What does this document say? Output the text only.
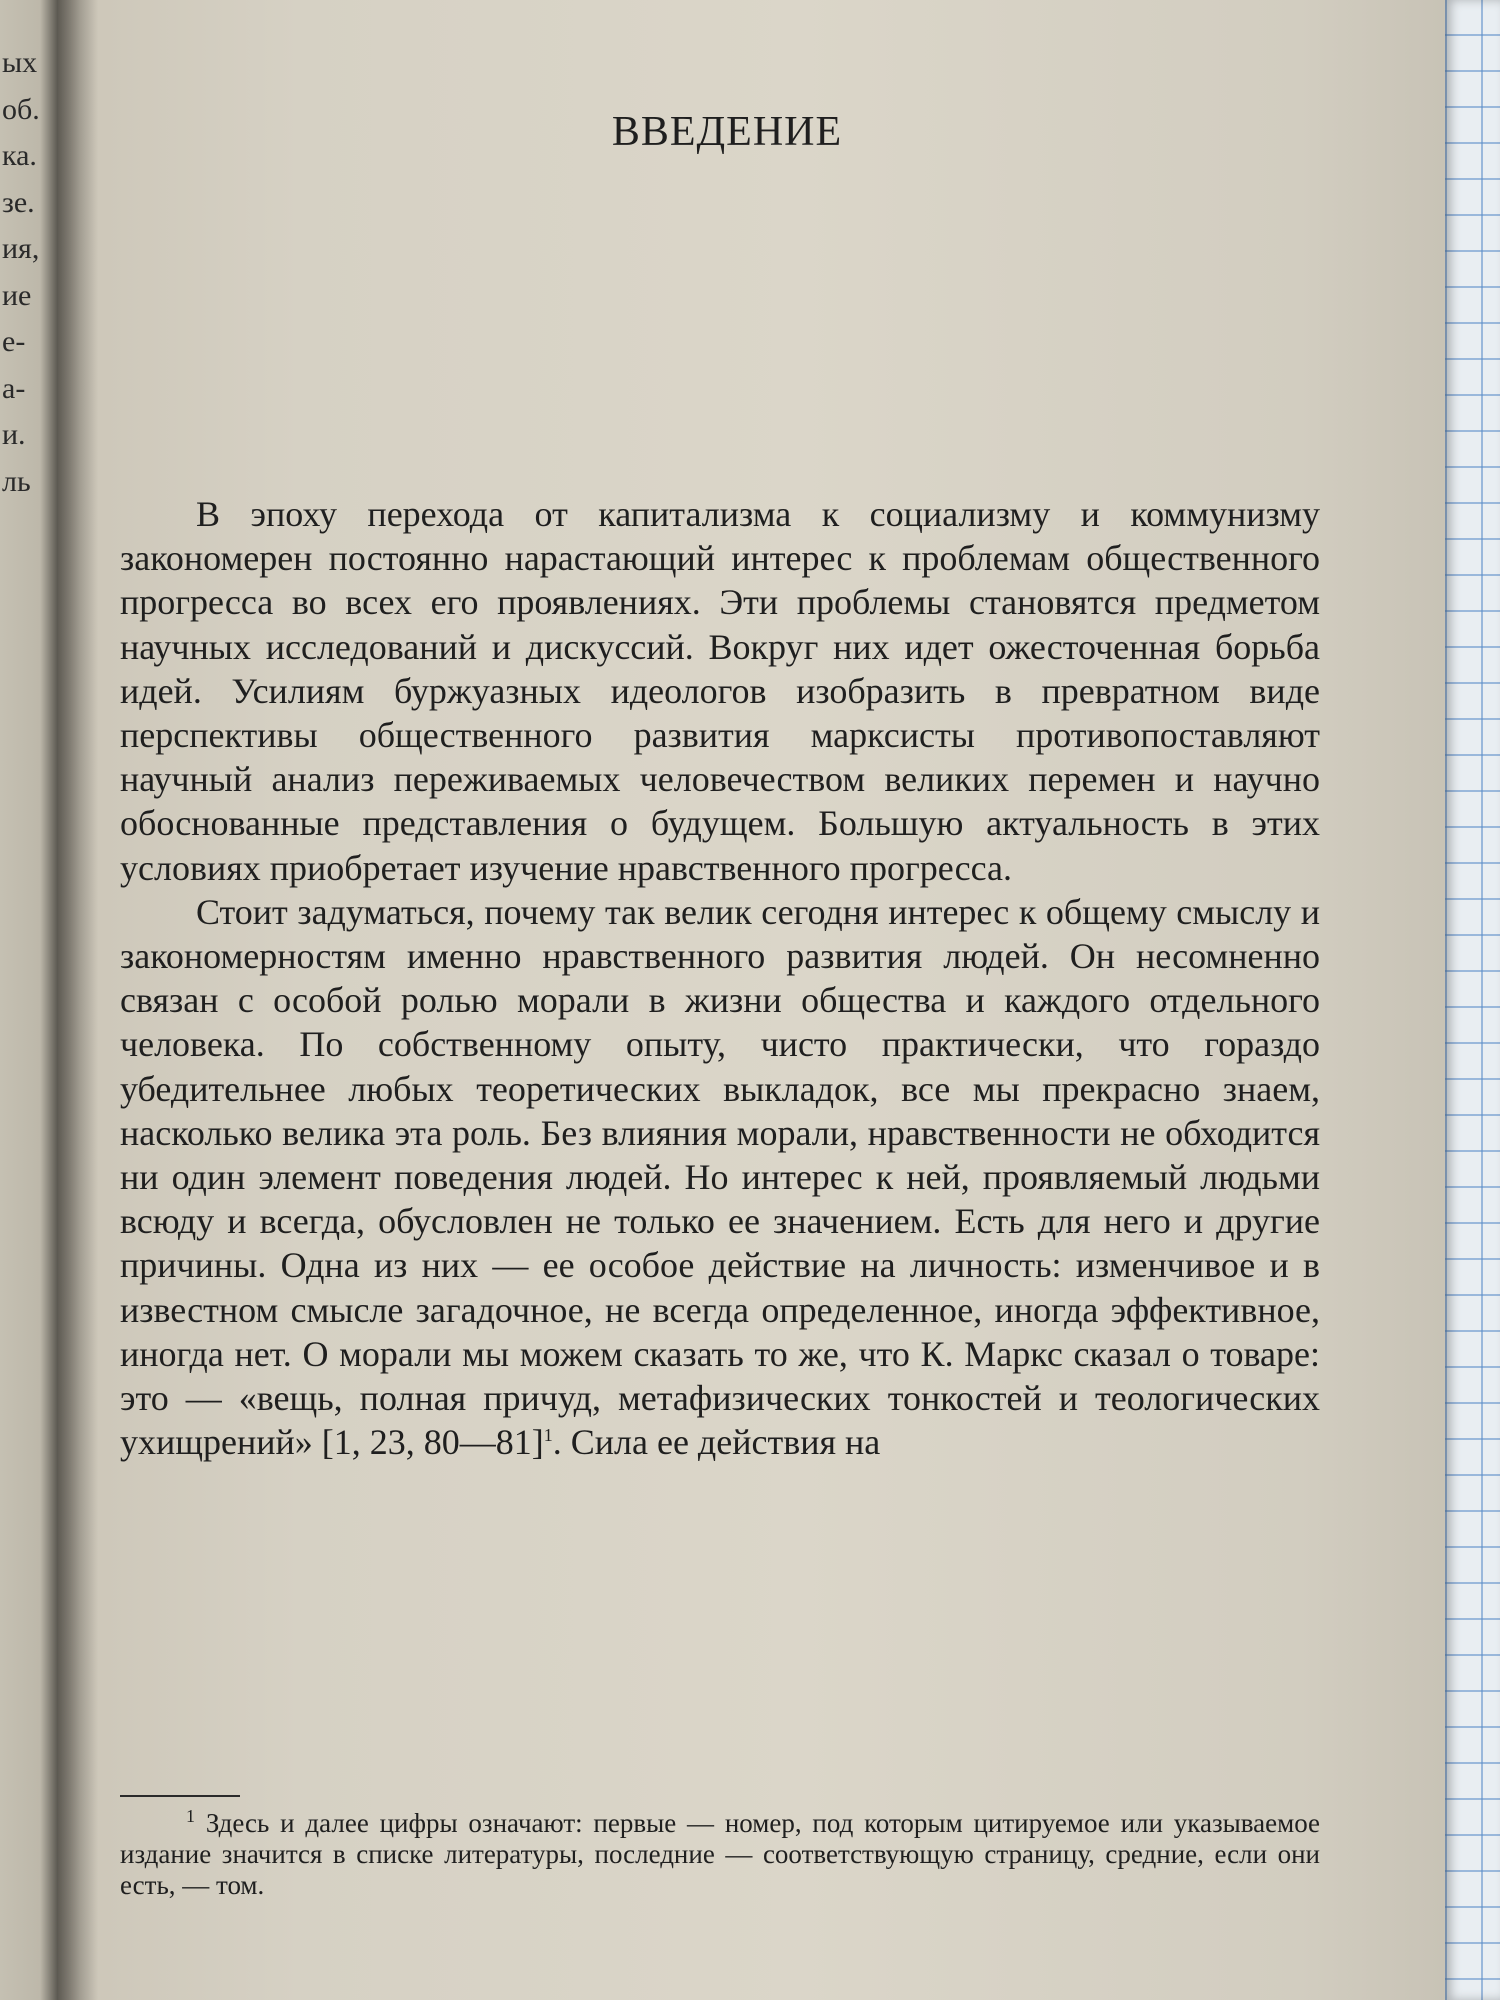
ых
об.
ка.
зе.
ия,
ие
е-
а-
и.
ль
ВВЕДЕНИЕ

В эпоху перехода от капитализма к социализму и коммунизму закономерен постоянно нарастающий интерес к проблемам общественного прогресса во всех его проявлениях. Эти проблемы становятся предметом научных исследований и дискуссий. Вокруг них идет ожесточенная борьба идей. Усилиям буржуазных идеологов изобразить в превратном виде перспективы общественного развития марксисты противопоставляют научный анализ переживаемых человечеством великих перемен и научно обоснованные представления о будущем. Большую актуальность в этих условиях приобретает изучение нравственного прогресса.

Стоит задуматься, почему так велик сегодня интерес к общему смыслу и закономерностям именно нравственного развития людей. Он несомненно связан с особой ролью морали в жизни общества и каждого отдельного человека. По собственному опыту, чисто практически, что гораздо убедительнее любых теоретических выкладок, все мы прекрасно знаем, насколько велика эта роль. Без влияния морали, нравственности не обходится ни один элемент поведения людей. Но интерес к ней, проявляемый людьми всюду и всегда, обусловлен не только ее значением. Есть для него и другие причины. Одна из них — ее особое действие на личность: изменчивое и в известном смысле загадочное, не всегда определенное, иногда эффективное, иногда нет. О морали мы можем сказать то же, что К. Маркс сказал о товаре: это — «вещь, полная причуд, метафизических тонкостей и теологических ухищрений» [1, 23, 80—81]$^1$. Сила ее действия на

$^1$ Здесь и далее цифры означают: первые — номер, под которым цитируемое или указываемое издание значится в списке литературы, последние — соответствующую страницу, средние, если они есть, — том.
